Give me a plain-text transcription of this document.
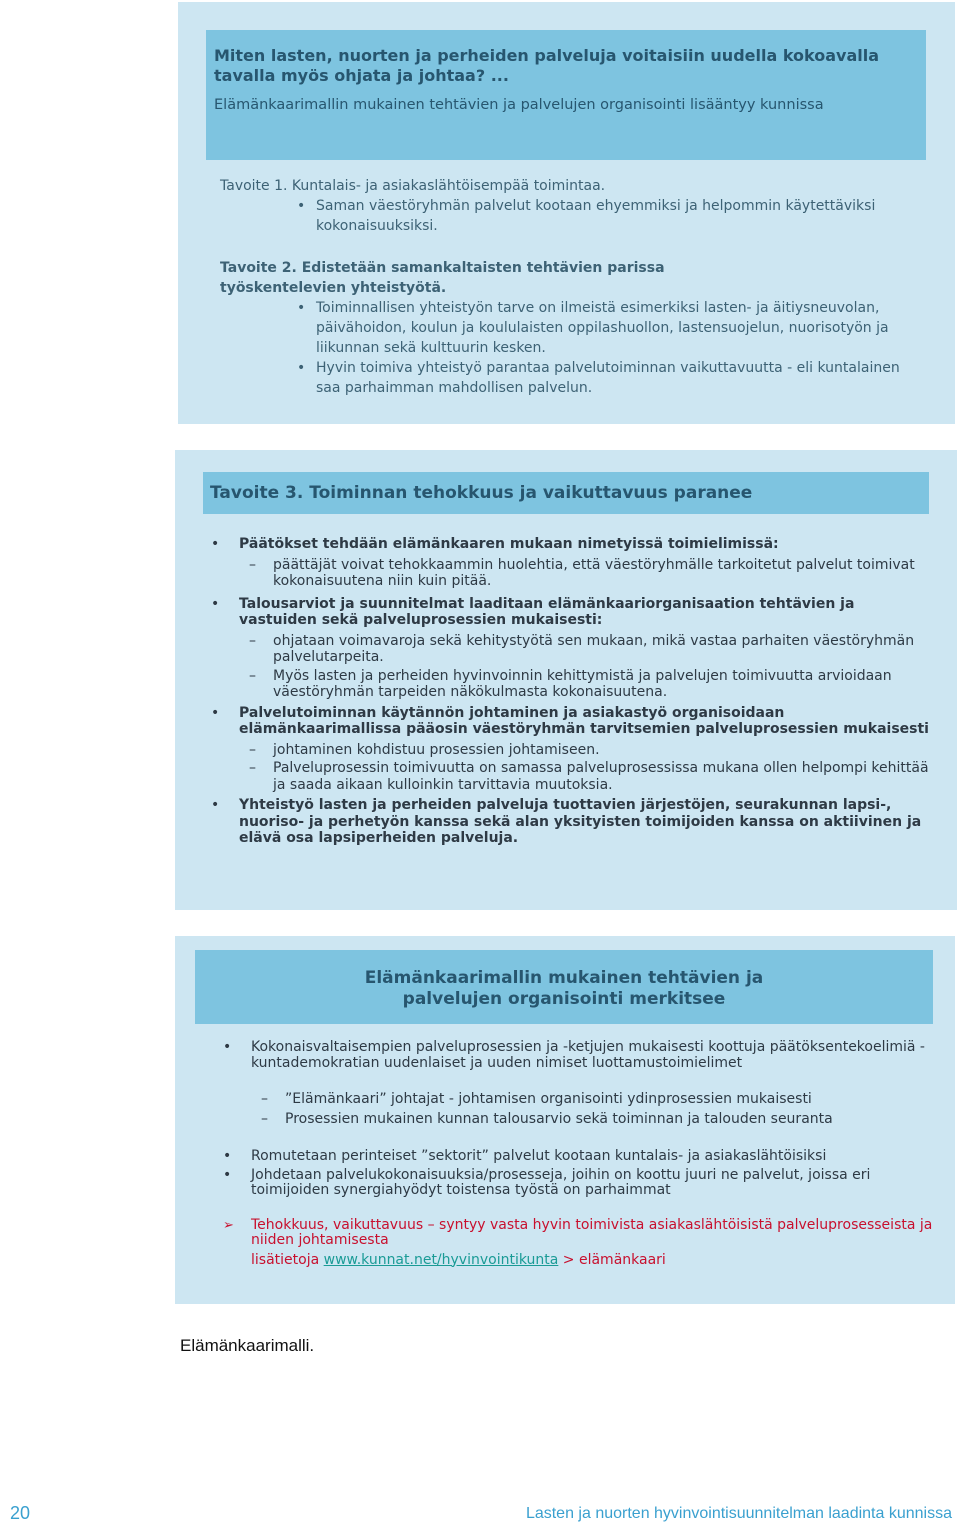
Miten lasten, nuorten ja perheiden palveluja voitaisiin uudella kokoavalla tavalla myös ohjata ja johtaa? ...
Elämänkaarimallin mukainen tehtävien ja palvelujen organisointi lisääntyy kunnissa
Tavoite 1. Kuntalais- ja asiakaslähtöisempää toimintaa.
• Saman väestöryhmän palvelut kootaan ehyemmiksi ja helpommin käytettäviksi kokonaisuuksiksi.
Tavoite 2. Edistetään samankaltaisten tehtävien parissa työskentelevien yhteistyötä.
• Toiminnallisen yhteistyön tarve on ilmeistä esimerkiksi lasten- ja äitiysneuvolan, päivähoidon, koulun ja koululaisten oppilashuollon, lastensuojelun, nuorisotyön ja liikunnan sekä kulttuurin kesken.
• Hyvin toimiva yhteistyö parantaa palvelutoiminnan vaikuttavuutta - eli kuntalainen saa parhaimman mahdollisen palvelun.
Tavoite 3. Toiminnan tehokkuus ja vaikuttavuus paranee
• Päätökset tehdään elämänkaaren mukaan nimetyissä toimielimissä:
– päättäjät voivat tehokkaammin huolehtia, että väestöryhmälle tarkoitetut palvelut toimivat kokonaisuutena niin kuin pitää.
• Talousarviot ja suunnitelmat laaditaan elämänkaariorganisaation tehtävien ja vastuiden sekä palveluprosessien mukaisesti:
– ohjataan voimavaroja sekä kehitystyötä sen mukaan, mikä vastaa parhaiten väestöryhmän palvelutarpeita.
– Myös lasten ja perheiden hyvinvoinnin kehittymistä ja palvelujen toimivuutta arvioidaan väestöryhmän tarpeiden näkökulmasta kokonaisuutena.
• Palvelutoiminnan käytännön johtaminen ja asiakastyö organisoidaan elämänkaarimallissa pääosin väestöryhmän tarvitsemien palveluprosessien mukaisesti
– johtaminen kohdistuu prosessien johtamiseen.
– Palveluprosessin toimivuutta on samassa palveluprosessissa mukana ollen helpompi kehittää ja saada aikaan kulloinkin tarvittavia muutoksia.
• Yhteistyö lasten ja perheiden palveluja tuottavien järjestöjen, seurakunnan lapsi-, nuoriso- ja perhetyön kanssa sekä alan yksityisten toimijoiden kanssa on aktiivinen ja elävä osa lapsiperheiden palveluja.
Elämänkaarimallin mukainen tehtävien ja
palvelujen organisointi merkitsee
• Kokonaisvaltaisempien palveluprosessien ja -ketjujen mukaisesti koottuja päätöksentekoelimiä - kuntademokratian uudenlaiset ja uuden nimiset luottamustoimielimet
– ”Elämänkaari” johtajat - johtamisen organisointi ydinprosessien mukaisesti
– Prosessien mukainen kunnan talousarvio sekä toiminnan ja talouden seuranta
• Romutetaan perinteiset ”sektorit” palvelut kootaan kuntalais- ja asiakaslähtöisiksi
• Johdetaan palvelukokonaisuuksia/prosesseja, joihin on koottu juuri ne palvelut, joissa eri toimijoiden synergiahyödyt toistensa työstä on parhaimmat
➢ Tehokkuus, vaikuttavuus – syntyy vasta hyvin toimivista asiakaslähtöisistä palveluprosesseista ja niiden johtamisesta
lisätietoja www.kunnat.net/hyvinvointikunta > elämänkaari
Elämänkaarimalli.
20	Lasten ja nuorten hyvinvointisuunnitelman laadinta kunnissa
